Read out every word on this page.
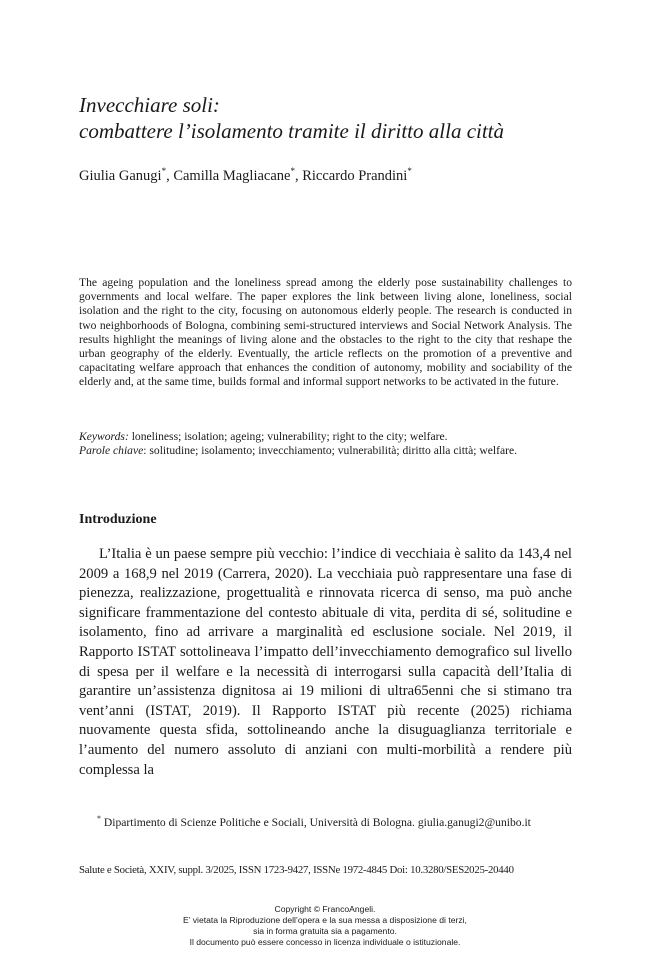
Invecchiare soli:
combattere l’isolamento tramite il diritto alla città
Giulia Ganugi*, Camilla Magliacane*, Riccardo Prandini*

The ageing population and the loneliness spread among the elderly pose sustainability challenges to governments and local welfare. The paper explores the link between living alone, loneliness, social isolation and the right to the city, focusing on autonomous elderly people. The research is conducted in two neighborhoods of Bologna, combining semi-structured interviews and Social Network Analysis. The results highlight the meanings of living alone and the obstacles to the right to the city that reshape the urban geography of the elderly. Eventually, the article reflects on the promotion of a preventive and capacitating welfare approach that enhances the condition of autonomy, mobility and sociability of the elderly and, at the same time, builds formal and informal support networks to be activated in the future.

Keywords: loneliness; isolation; ageing; vulnerability; right to the city; welfare.

Parole chiave: solitudine; isolamento; invecchiamento; vulnerabilità; diritto alla città; welfare.

Introduzione

L’Italia è un paese sempre più vecchio: l’indice di vecchiaia è salito da 143,4 nel 2009 a 168,9 nel 2019 (Carrera, 2020). La vecchiaia può rappresentare una fase di pienezza, realizzazione, progettualità e rinnovata ricerca di senso, ma può anche significare frammentazione del contesto abituale di vita, perdita di sé, solitudine e isolamento, fino ad arrivare a marginalità ed esclusione sociale. Nel 2019, il Rapporto ISTAT sottolineava l’impatto dell’invecchiamento demografico sul livello di spesa per il welfare e la necessità di interrogarsi sulla capacità dell’Italia di garantire un’assistenza dignitosa ai 19 milioni di ultra65enni che si stimano tra vent’anni (ISTAT, 2019). Il Rapporto ISTAT più recente (2025) richiama nuovamente questa sfida, sottolineando anche la disuguaglianza territoriale e l’aumento del numero assoluto di anziani con multi-morbilità a rendere più complessa la

* Dipartimento di Scienze Politiche e Sociali, Università di Bologna. giulia.ganugi2@unibo.it

Salute e Società, XXIV, suppl. 3/2025, ISSN 1723-9427, ISSNe 1972-4845 Doi: 10.3280/SES2025-20440
Copyright © FrancoAngeli.
E’ vietata la Riproduzione dell’opera e la sua messa a disposizione di terzi,
sia in forma gratuita sia a pagamento.
Il documento può essere concesso in licenza individuale o istituzionale.
